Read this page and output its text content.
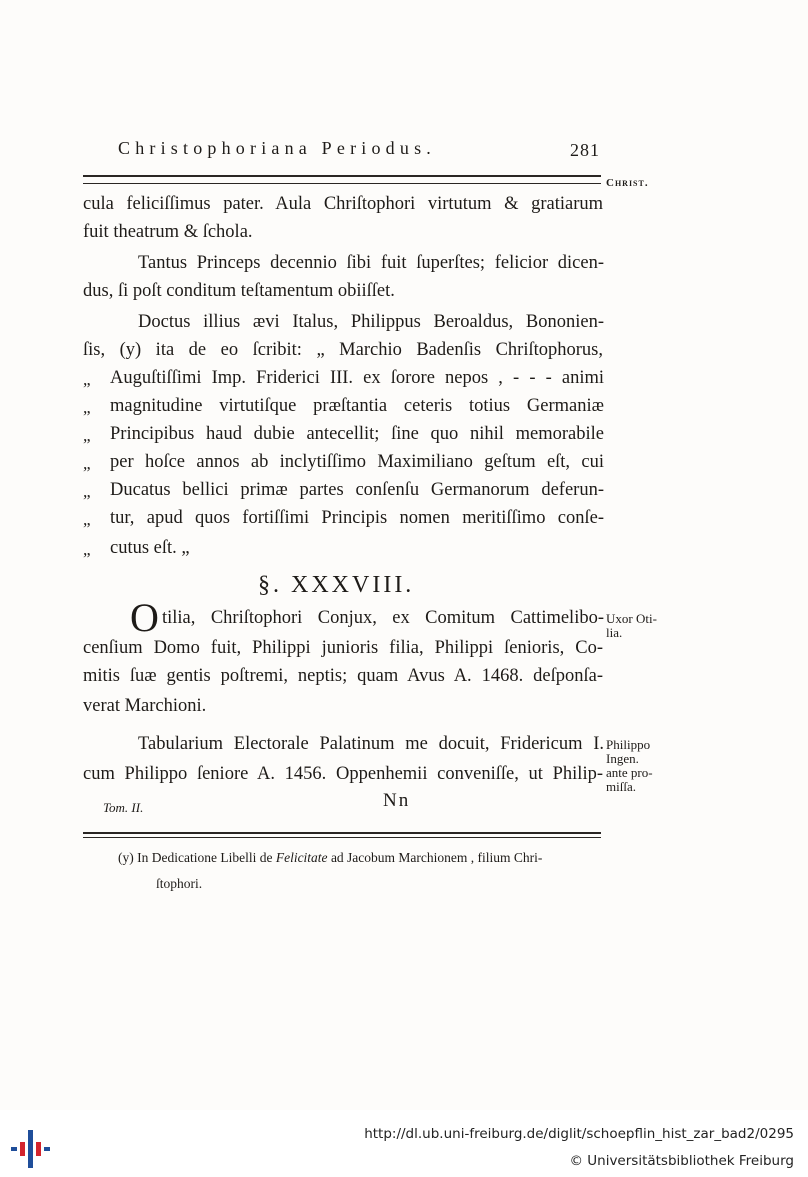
Christophoriana Periodus.	281
Christ.
cula feliciſſimus pater. Aula Chriſtophori virtutum & gratiarum
fuit theatrum & ſchola.
Tantus Princeps decennio ſibi fuit ſuperſtes; felicior dicen-
dus, ſi poſt conditum teſtamentum obiiſſet.
Doctus illius ævi Italus, Philippus Beroaldus, Bononien-
ſis, (y) ita de eo ſcribit: „ Marchio Badenſis Chriſtophorus,
„ Auguſtiſſimi Imp. Friderici III. ex ſorore nepos , - - - animi
„ magnitudine virtutiſque præſtantia ceteris totius Germaniæ
„ Principibus haud dubie antecellit; ſine quo nihil memorabile
„ per hoſce annos ab inclytiſſimo Maximiliano geſtum eſt, cui
„ Ducatus bellici primæ partes conſenſu Germanorum deferun-
„ tur, apud quos fortiſſimi Principis nomen meritiſſimo conſe-
„ cutus eſt. „
§. XXXVIII.
O tilia, Chriſtophori Conjux, ex Comitum Cattimelibo- Uxor Oti-
lia.
cenſium Domo fuit, Philippi junioris filia, Philippi ſenioris, Co-
mitis ſuæ gentis poſtremi, neptis; quam Avus A. 1468. deſponſa-
verat Marchioni.
Tabularium Electorale Palatinum me docuit, Fridericum I. Philippo
Ingen.
ante pro-
miſſa.
cum Philippo ſeniore A. 1456. Oppenhemii conveniſſe, ut Philip-
Tom. II.	Nn
(y) In Dedicatione Libelli de Felicitate ad Jacobum Marchionem , filium Chri-
ſtophori.
http://dl.ub.uni-freiburg.de/diglit/schoepflin_hist_zar_bad2/0295
© Universitätsbibliothek Freiburg
